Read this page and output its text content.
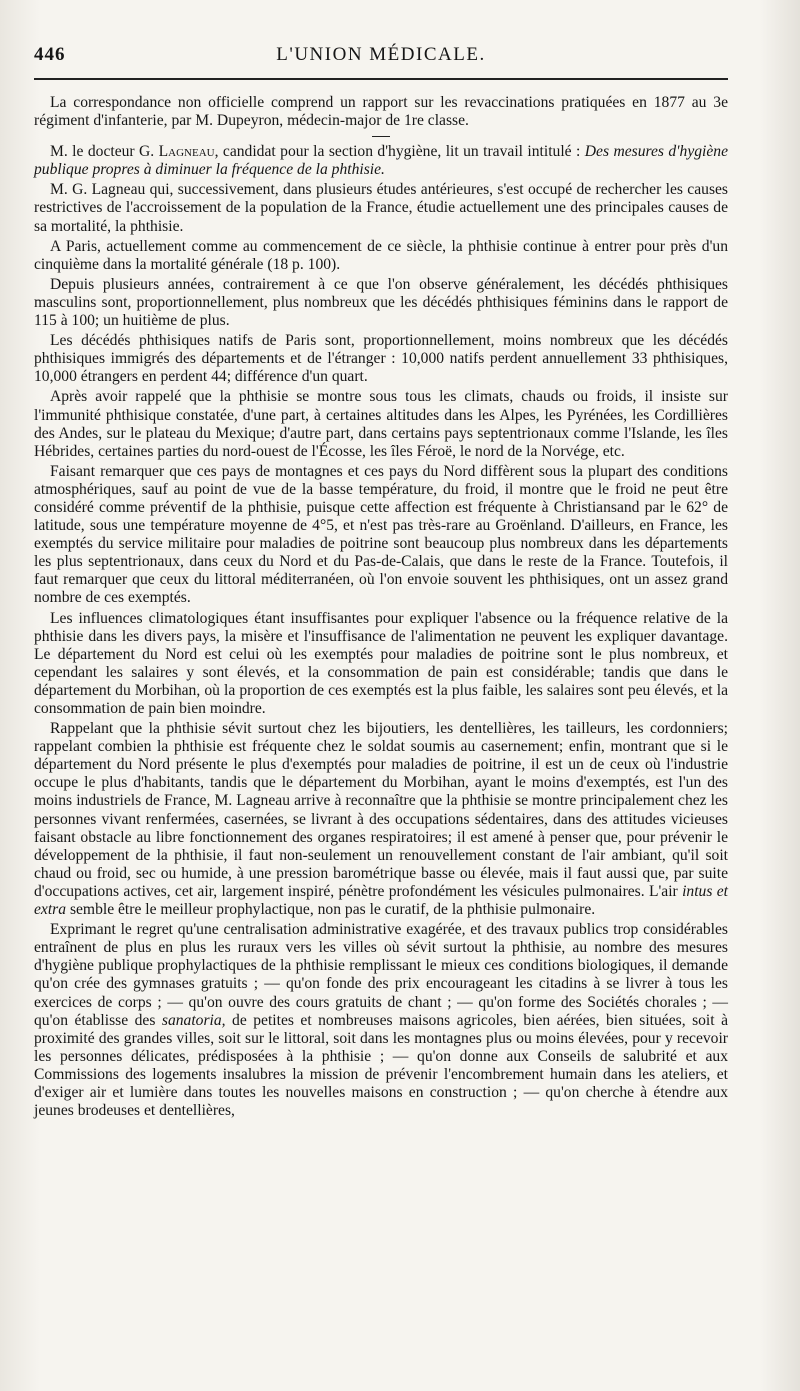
446	L'UNION MÉDICALE.

La correspondance non officielle comprend un rapport sur les revaccinations pratiquées en 1877 au 3e régiment d'infanterie, par M. Dupeyron, médecin-major de 1re classe.

M. le docteur G. Lagneau, candidat pour la section d'hygiène, lit un travail intitulé : Des mesures d'hygiène publique propres à diminuer la fréquence de la phthisie.

M. G. Lagneau qui, successivement, dans plusieurs études antérieures, s'est occupé de rechercher les causes restrictives de l'accroissement de la population de la France, étudie actuellement une des principales causes de sa mortalité, la phthisie.

A Paris, actuellement comme au commencement de ce siècle, la phthisie continue à entrer pour près d'un cinquième dans la mortalité générale (18 p. 100).

Depuis plusieurs années, contrairement à ce que l'on observe généralement, les décédés phthisiques masculins sont, proportionnellement, plus nombreux que les décédés phthisiques féminins dans le rapport de 115 à 100; un huitième de plus.

Les décédés phthisiques natifs de Paris sont, proportionnellement, moins nombreux que les décédés phthisiques immigrés des départements et de l'étranger : 10,000 natifs perdent annuellement 33 phthisiques, 10,000 étrangers en perdent 44; différence d'un quart.

Après avoir rappelé que la phthisie se montre sous tous les climats, chauds ou froids, il insiste sur l'immunité phthisique constatée, d'une part, à certaines altitudes dans les Alpes, les Pyrénées, les Cordillières des Andes, sur le plateau du Mexique; d'autre part, dans certains pays septentrionaux comme l'Islande, les îles Hébrides, certaines parties du nord-ouest de l'Écosse, les îles Féroë, le nord de la Norvége, etc.

Faisant remarquer que ces pays de montagnes et ces pays du Nord diffèrent sous la plupart des conditions atmosphériques, sauf au point de vue de la basse température, du froid, il montre que le froid ne peut être considéré comme préventif de la phthisie, puisque cette affection est fréquente à Christiansand par le 62° de latitude, sous une température moyenne de 4°5, et n'est pas très-rare au Groënland. D'ailleurs, en France, les exemptés du service militaire pour maladies de poitrine sont beaucoup plus nombreux dans les départements les plus septentrionaux, dans ceux du Nord et du Pas-de-Calais, que dans le reste de la France. Toutefois, il faut remarquer que ceux du littoral méditerranéen, où l'on envoie souvent les phthisiques, ont un assez grand nombre de ces exemptés.

Les influences climatologiques étant insuffisantes pour expliquer l'absence ou la fréquence relative de la phthisie dans les divers pays, la misère et l'insuffisance de l'alimentation ne peuvent les expliquer davantage. Le département du Nord est celui où les exemptés pour maladies de poitrine sont le plus nombreux, et cependant les salaires y sont élevés, et la consommation de pain est considérable; tandis que dans le département du Morbihan, où la proportion de ces exemptés est la plus faible, les salaires sont peu élevés, et la consommation de pain bien moindre.

Rappelant que la phthisie sévit surtout chez les bijoutiers, les dentellières, les tailleurs, les cordonniers; rappelant combien la phthisie est fréquente chez le soldat soumis au casernement; enfin, montrant que si le département du Nord présente le plus d'exemptés pour maladies de poitrine, il est un de ceux où l'industrie occupe le plus d'habitants, tandis que le département du Morbihan, ayant le moins d'exemptés, est l'un des moins industriels de France, M. Lagneau arrive à reconnaître que la phthisie se montre principalement chez les personnes vivant renfermées, casernées, se livrant à des occupations sédentaires, dans des attitudes vicieuses faisant obstacle au libre fonctionnement des organes respiratoires; il est amené à penser que, pour prévenir le développement de la phthisie, il faut non-seulement un renouvellement constant de l'air ambiant, qu'il soit chaud ou froid, sec ou humide, à une pression barométrique basse ou élevée, mais il faut aussi que, par suite d'occupations actives, cet air, largement inspiré, pénètre profondément les vésicules pulmonaires. L'air intus et extra semble être le meilleur prophylactique, non pas le curatif, de la phthisie pulmonaire.

Exprimant le regret qu'une centralisation administrative exagérée, et des travaux publics trop considérables entraînent de plus en plus les ruraux vers les villes où sévit surtout la phthisie, au nombre des mesures d'hygiène publique prophylactiques de la phthisie remplissant le mieux ces conditions biologiques, il demande qu'on crée des gymnases gratuits ; — qu'on fonde des prix encourageant les citadins à se livrer à tous les exercices de corps ; — qu'on ouvre des cours gratuits de chant ; — qu'on forme des Sociétés chorales ; — qu'on établisse des sanatoria, de petites et nombreuses maisons agricoles, bien aérées, bien situées, soit à proximité des grandes villes, soit sur le littoral, soit dans les montagnes plus ou moins élevées, pour y recevoir les personnes délicates, prédisposées à la phthisie ; — qu'on donne aux Conseils de salubrité et aux Commissions des logements insalubres la mission de prévenir l'encombrement humain dans les ateliers, et d'exiger air et lumière dans toutes les nouvelles maisons en construction ; — qu'on cherche à étendre aux jeunes brodeuses et dentellières,
